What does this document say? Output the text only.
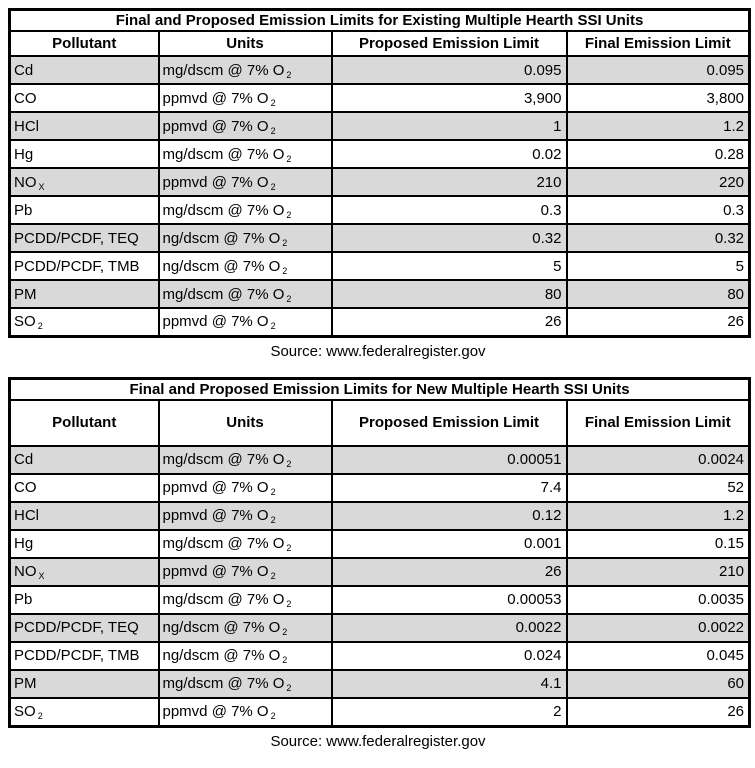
Final and Proposed Emission Limits for Existing Multiple Hearth SSI Units			
Pollutant	Units	Proposed Emission Limit	Final Emission Limit
Cd	mg/dscm @ 7% O $_2$	0.095	0.095
CO	ppmvd @ 7% O $_2$	3,900	3,800
HCl	ppmvd @ 7% O $_2$	1	1.2
Hg	mg/dscm @ 7% O $_2$	0.02	0.28
NO $_X$	ppmvd @ 7% O $_2$	210	220
Pb	mg/dscm @ 7% O $_2$	0.3	0.3
PCDD/PCDF, TEQ	ng/dscm @ 7% O $_2$	0.32	0.32
PCDD/PCDF, TMB	ng/dscm @ 7% O $_2$	5	5
PM	mg/dscm @ 7% O $_2$	80	80
SO $_2$	ppmvd @ 7% O $_2$	26	26
Source: www.federalregister.gov
Final and Proposed Emission Limits for New Multiple Hearth SSI Units			
Pollutant	Units	Proposed Emission Limit	Final Emission Limit
Cd	mg/dscm @ 7% O $_2$	0.00051	0.0024
CO	ppmvd @ 7% O $_2$	7.4	52
HCl	ppmvd @ 7% O $_2$	0.12	1.2
Hg	mg/dscm @ 7% O $_2$	0.001	0.15
NO $_X$	ppmvd @ 7% O $_2$	26	210
Pb	mg/dscm @ 7% O $_2$	0.00053	0.0035
PCDD/PCDF, TEQ	ng/dscm @ 7% O $_2$	0.0022	0.0022
PCDD/PCDF, TMB	ng/dscm @ 7% O $_2$	0.024	0.045
PM	mg/dscm @ 7% O $_2$	4.1	60
SO $_2$	ppmvd @ 7% O $_2$	2	26
Source: www.federalregister.gov
